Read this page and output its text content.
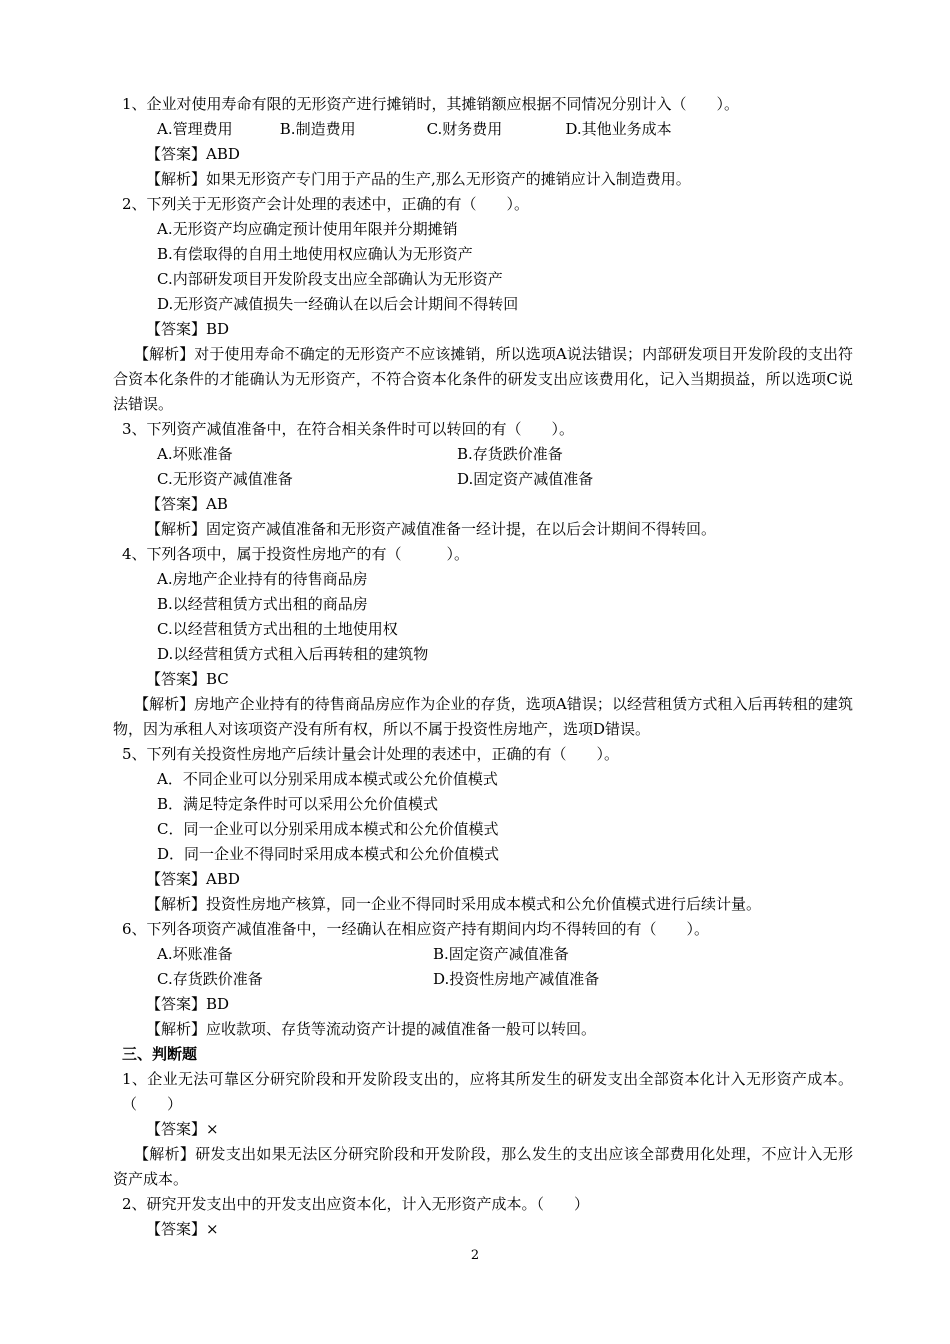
1、企业对使用寿命有限的无形资产进行摊销时，其摊销额应根据不同情况分别计入（　　）。
A.管理费用	B.制造费用	C.财务费用	D.其他业务成本
【答案】ABD
【解析】如果无形资产专门用于产品的生产,那么无形资产的摊销应计入制造费用。
2、下列关于无形资产会计处理的表述中，正确的有（　　）。
A.无形资产均应确定预计使用年限并分期摊销
B.有偿取得的自用土地使用权应确认为无形资产
C.内部研发项目开发阶段支出应全部确认为无形资产
D.无形资产减值损失一经确认在以后会计期间不得转回
【答案】BD
【解析】对于使用寿命不确定的无形资产不应该摊销，所以选项A说法错误；内部研发项目开发阶段的支出符合资本化条件的才能确认为无形资产，不符合资本化条件的研发支出应该费用化，记入当期损益，所以选项C说法错误。
3、下列资产减值准备中，在符合相关条件时可以转回的有（　　）。
A.坏账准备	B.存货跌价准备
C.无形资产减值准备	D.固定资产减值准备
【答案】AB
【解析】固定资产减值准备和无形资产减值准备一经计提，在以后会计期间不得转回。
4、下列各项中，属于投资性房地产的有（　　　）。
A.房地产企业持有的待售商品房
B.以经营租赁方式出租的商品房
C.以经营租赁方式出租的土地使用权
D.以经营租赁方式租入后再转租的建筑物
【答案】BC
【解析】房地产企业持有的待售商品房应作为企业的存货，选项A错误；以经营租赁方式租入后再转租的建筑物，因为承租人对该项资产没有所有权，所以不属于投资性房地产，选项D错误。
5、下列有关投资性房地产后续计量会计处理的表述中，正确的有（　　）。
A．不同企业可以分别采用成本模式或公允价值模式
B．满足特定条件时可以采用公允价值模式
C．同一企业可以分别采用成本模式和公允价值模式
D．同一企业不得同时采用成本模式和公允价值模式
【答案】ABD
【解析】投资性房地产核算，同一企业不得同时采用成本模式和公允价值模式进行后续计量。
6、下列各项资产减值准备中，一经确认在相应资产持有期间内均不得转回的有（　　）。
A.坏账准备	B.固定资产减值准备
C.存货跌价准备	D.投资性房地产减值准备
【答案】BD
【解析】应收款项、存货等流动资产计提的减值准备一般可以转回。
三、判断题
1、企业无法可靠区分研究阶段和开发阶段支出的，应将其所发生的研发支出全部资本化计入无形资产成本。（　　）
【答案】×
【解析】研发支出如果无法区分研究阶段和开发阶段，那么发生的支出应该全部费用化处理，不应计入无形资产成本。
2、研究开发支出中的开发支出应资本化，计入无形资产成本。（　　）
【答案】×
2
